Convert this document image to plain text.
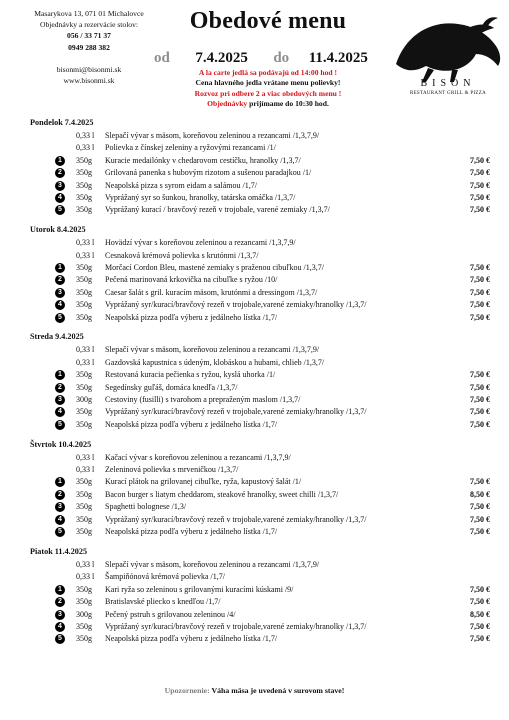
Masarykova 13, 071 01 Michalovce
Objednávky a rezervácie stolov:
056 / 33 71 37
0949 288 382
bisonmi@bisonmi.sk
www.bisonmi.sk
Obedové menu
od 7.4.2025 do 11.4.2025
A la carte jedlá sa podávajú od 14:00 hod !
Cena hlavného jedla vrátane menu polievky!
Rozvoz pri odbere 2 a viac obedových menu !
Objednávky prijímame do 10:30 hod.
BISON
RESTAURANT GRILL & PIZZA
Pondelok 7.4.2025
0,33 l Slepačí vývar s mäsom, koreňovou zeleninou a rezancami /1,3,7,9/
0,33 l Polievka z čínskej zeleniny a ryžovými rezancami /1/
1	350g Kuracie medailónky v chedarovom cestíčku, hranolky /1,3,7/	7,50 €
2	350g Grilovaná panenka s hubovým rizotom a sušenou paradajkou /1/	7,50 €
3	350g Neapolská pizza s syrom eidam a salámou /1,7/	7,50 €
4	350g Vyprážaný syr so šunkou, hranolky, tatárska omáčka /1,3,7/	7,50 €
5	350g Vyprážaný kurací / bravčový rezeň v trojobale, varené zemiaky /1,3,7/	7,50 €
Utorok 8.4.2025
0,33 l Hovädzí vývar s koreňovou zeleninou a rezancami /1,3,7,9/
0,33 l Cesnaková krémová polievka s krutónmi /1,3,7/
1	350g Morčací Cordon Bleu, mastené zemiaky s praženou cibuľkou /1,3,7/	7,50 €
2	350g Pečená marinovaná krkovička na cibuľke s ryžou /10/	7,50 €
3	350g Caesar šalát s gril. kuracím mäsom, krutónmi a dressingom /1,3,7/	7,50 €
4	350g Vyprážaný syr/kurací/bravčový rezeň v trojobale,varené zemiaky/hranolky /1,3,7/	7,50 €
5	350g Neapolská pizza podľa výberu z jedálneho lístka /1,7/	7,50 €
Streda 9.4.2025
0,33 l Slepačí vývar s mäsom, koreňovou zeleninou a rezancami /1,3,7,9/
0,33 l Gazdovská kapustnica s údeným, klobáskou a hubami, chlieb /1,3,7/
1	350g Restovaná kuracia pečienka s ryžou, kyslá uhorka /1/	7,50 €
2	350g Segedínsky guľáš, domáca knedľa /1,3,7/	7,50 €
3	300g Cestoviny (fusilli) s tvarohom a prepraženým maslom /1,3,7/	7,50 €
4	350g Vyprážaný syr/kurací/bravčový rezeň v trojobale,varené zemiaky/hranolky /1,3,7/	7,50 €
5	350g Neapolská pizza podľa výberu z jedálneho lístka /1,7/	7,50 €
Štvrtok 10.4.2025
0,33 l Kačací vývar s koreňovou zeleninou a rezancami /1,3,7,9/
0,33 l Zeleninová polievka s mrveničkou /1,3,7/
1	350g Kurací plátok na grilovanej cibuľke, ryža, kapustový šalát /1/	7,50 €
2	350g Bacon burger s liatym cheddarom, steakové hranolky, sweet chilli /1,3,7/	8,50 €
3	350g Spaghetti bolognese /1,3/	7,50 €
4	350g Vyprážaný syr/kurací/bravčový rezeň v trojobale,varené zemiaky/hranolky /1,3,7/	7,50 €
5	350g Neapolská pizza podľa výberu z jedálneho lístka /1,7/	7,50 €
Piatok 11.4.2025
0,33 l Slepačí vývar s mäsom, koreňovou zeleninou a rezancami /1,3,7,9/
0,33 l Šampiňónová krémová polievka /1,7/
1	350g Kari ryža so zeleninou s grilovanými kuracími kúskami /9/	7,50 €
2	350g Bratislavské pliecko s knedľou /1,7/	7,50 €
3	300g Pečený pstruh s grilovanou zeleninou /4/	8,50 €
4	350g Vyprážaný syr/kurací/bravčový rezeň v trojobale,varené zemiaky/hranolky /1,3,7/	7,50 €
5	350g Neapolská pizza podľa výberu z jedálneho lístka /1,7/	7,50 €
Upozornenie: Váha mäsa je uvedená v surovom stave!
